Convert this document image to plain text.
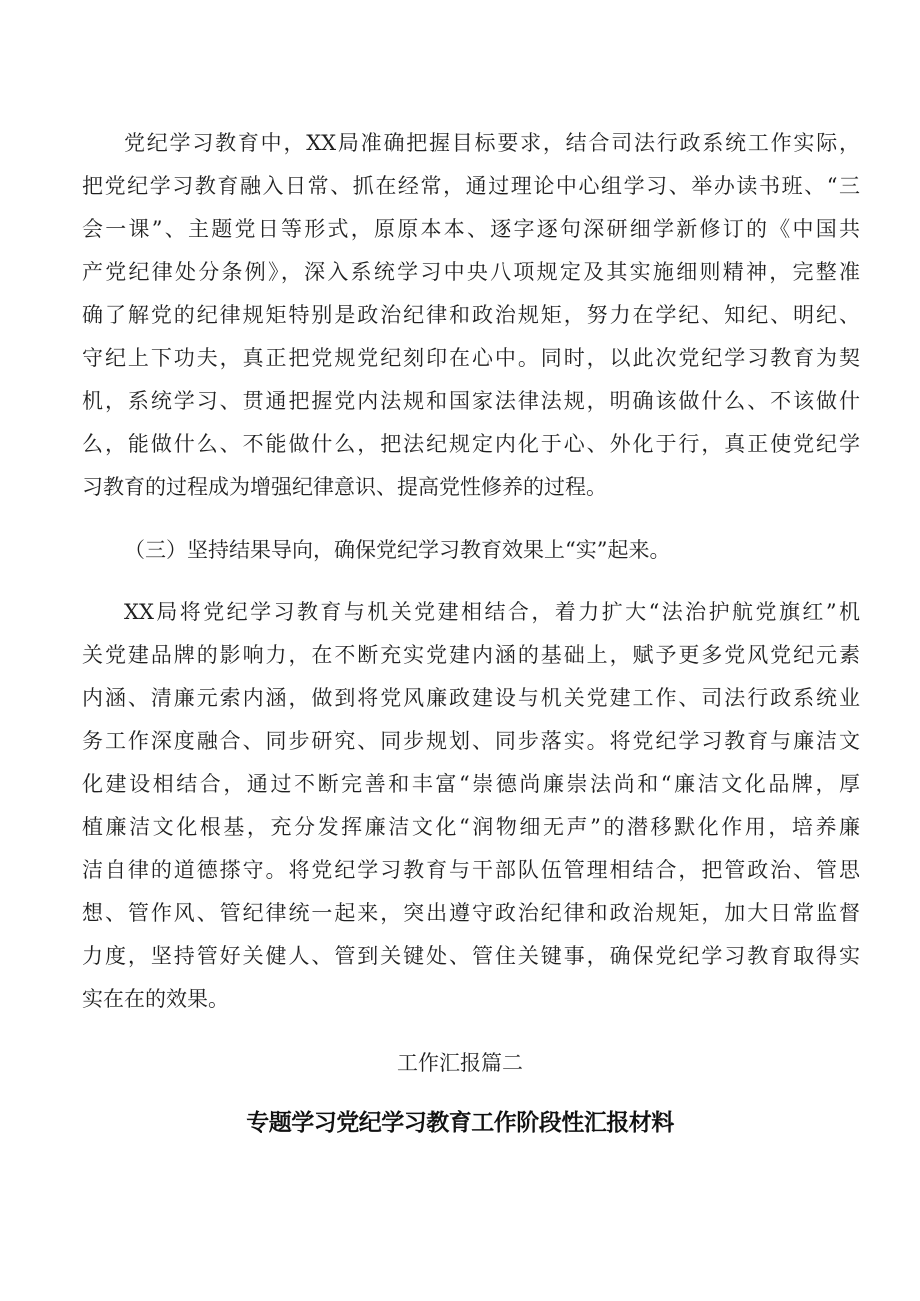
党纪学习教育中，XX局准确把握目标要求，结合司法行政系统工作实际，

把党纪学习教育融入日常、抓在经常，通过理论中心组学习、举办读书班、“三

会一课”、主题党日等形式，原原本本、逐字逐句深研细学新修订的《中国共

产党纪律处分条例》，深入系统学习中央八项规定及其实施细则精神，完整准

确了解党的纪律规矩特别是政治纪律和政治规矩，努力在学纪、知纪、明纪、

守纪上下功夫，真正把党规党纪刻印在心中。同时，以此次党纪学习教育为契

机，系统学习、贯通把握党内法规和国家法律法规，明确该做什么、不该做什

么，能做什么、不能做什么，把法纪规定内化于心、外化于行，真正使党纪学

习教育的过程成为增强纪律意识、提高党性修养的过程。

（三）坚持结果导向，确保党纪学习教育效果上“实”起来。

XX局将党纪学习教育与机关党建相结合，着力扩大“法治护航党旗红”机

关党建品牌的影响力，在不断充实党建内涵的基础上，赋予更多党风党纪元素

内涵、清廉元索内涵，做到将党风廉政建设与机关党建工作、司法行政系统业

务工作深度融合、同步研究、同步规划、同步落实。将党纪学习教育与廉洁文

化建设相结合，通过不断完善和丰富“崇德尚廉崇法尚和“廉洁文化品牌，厚

植廉洁文化根基，充分发挥廉洁文化“润物细无声”的潜移默化作用，培养廉

洁自律的道德搽守。将党纪学习教育与干部队伍管理相结合，把管政治、管思

想、管作风、管纪律统一起来，突出遵守政治纪律和政治规矩，加大日常监督

力度，坚持管好关健人、管到关键处、管住关键事，确保党纪学习教育取得实

实在在的效果。

工作汇报篇二

专题学习党纪学习教育工作阶段性汇报材料
